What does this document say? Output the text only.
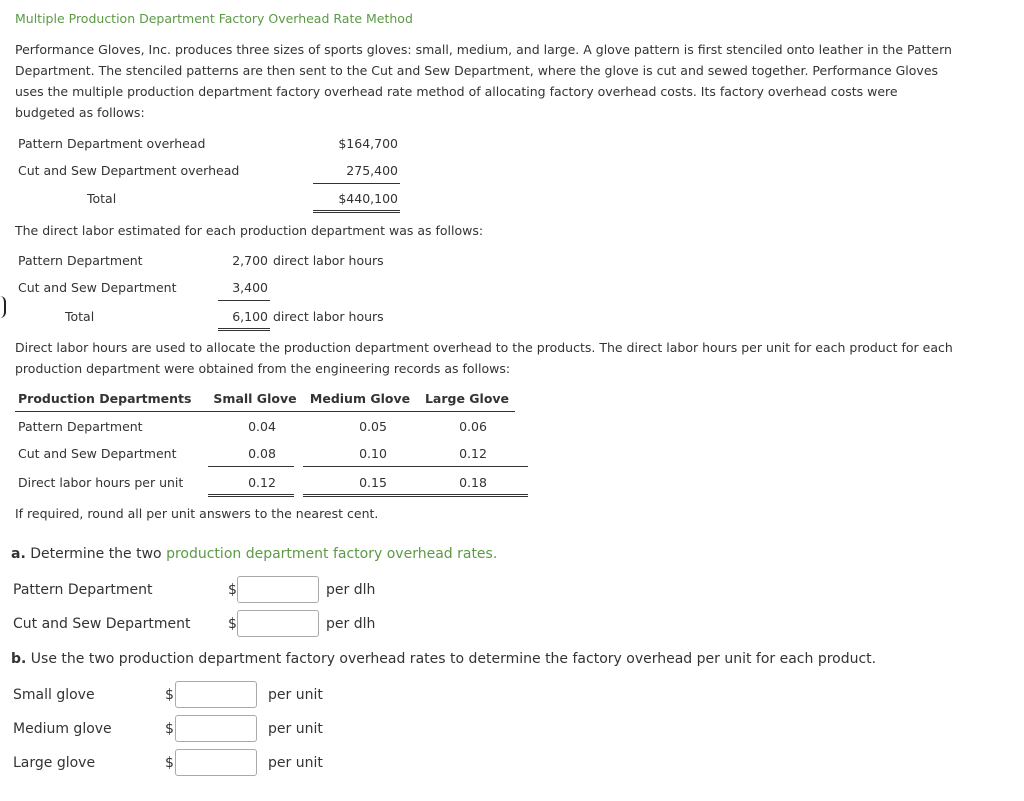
Multiple Production Department Factory Overhead Rate Method
Performance Gloves, Inc. produces three sizes of sports gloves: small, medium, and large. A glove pattern is first stenciled onto leather in the Pattern Department. The stenciled patterns are then sent to the Cut and Sew Department, where the glove is cut and sewed together. Performance Gloves uses the multiple production department factory overhead rate method of allocating factory overhead costs. Its factory overhead costs were budgeted as follows:
Pattern Department overhead	$164,700
Cut and Sew Department overhead	275,400
Total	$440,100
The direct labor estimated for each production department was as follows:
Pattern Department	2,700 direct labor hours
Cut and Sew Department	3,400
Total	6,100 direct labor hours
Direct labor hours are used to allocate the production department overhead to the products. The direct labor hours per unit for each product for each production department were obtained from the engineering records as follows:
Production Departments	Small Glove	Medium Glove	Large Glove
Pattern Department	0.04	0.05	0.06
Cut and Sew Department	0.08	0.10	0.12
Direct labor hours per unit	0.12	0.15	0.18
If required, round all per unit answers to the nearest cent.
a. Determine the two production department factory overhead rates.
Pattern Department	$	per dlh
Cut and Sew Department	$	per dlh
b. Use the two production department factory overhead rates to determine the factory overhead per unit for each product.
Small glove	$	per unit
Medium glove	$	per unit
Large glove	$	per unit
